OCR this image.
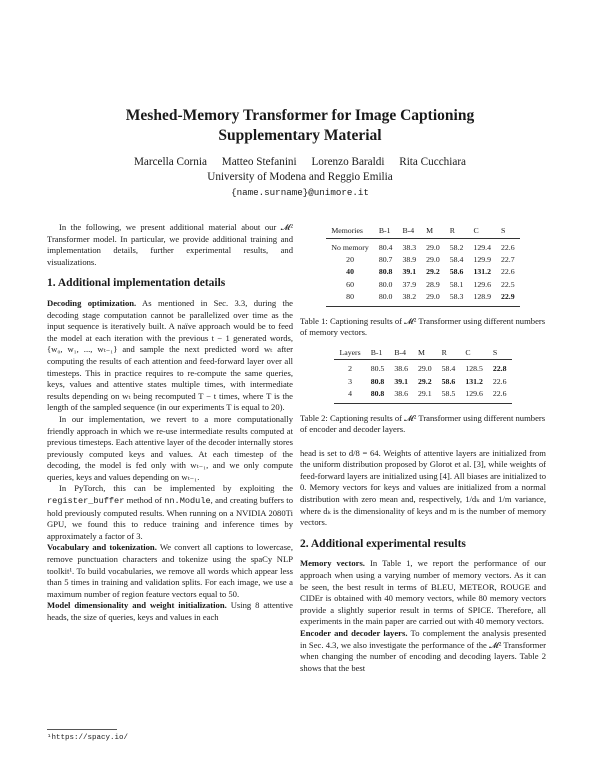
Meshed-Memory Transformer for Image Captioning
Supplementary Material
Marcella Cornia Matteo Stefanini Lorenzo Baraldi Rita Cucchiara
University of Modena and Reggio Emilia
{name.surname}@unimore.it

In the following, we present additional material about our 𝓜² Transformer model. In particular, we provide additional training and implementation details, further experimental results, and visualizations.

1. Additional implementation details

Decoding optimization. As mentioned in Sec. 3.3, during the decoding stage computation cannot be parallelized over time as the input sequence is iteratively built. A naïve approach would be to feed the model at each iteration with the previous t − 1 generated words, {w₀, w₁, ..., wₜ₋₁} and sample the next predicted word wₜ after computing the results of each attention and feed-forward layer over all timesteps. This in practice requires to re-compute the same queries, keys, values and attentive states multiple times, with intermediate results depending on wₜ being recomputed T − t times, where T is the length of the sampled sequence (in our experiments T is equal to 20).

In our implementation, we revert to a more computationally friendly approach in which we re-use intermediate results computed at previous timesteps. Each attentive layer of the decoder internally stores previously computed keys and values. At each timestep of the decoding, the model is fed only with wₜ₋₁, and we only compute queries, keys and values depending on wₜ₋₁.

In PyTorch, this can be implemented by exploiting the register_buffer method of nn.Module, and creating buffers to hold previously computed results. When running on a NVIDIA 2080Ti GPU, we found this to reduce training and inference times by approximately a factor of 3.

Vocabulary and tokenization. We convert all captions to lowercase, remove punctuation characters and tokenize using the spaCy NLP toolkit¹. To build vocabularies, we remove all words which appear less than 5 times in training and validation splits. For each image, we use a maximum number of region feature vectors equal to 50.

Model dimensionality and weight initialization. Using 8 attentive heads, the size of queries, keys and values in each

¹https://spacy.io/
Memories	B-1	B-4	M	R	C	S
No memory	80.4	38.3	29.0	58.2	129.4	22.6
20	80.7	38.9	29.0	58.4	129.9	22.7
40	80.8	39.1	29.2	58.6	131.2	22.6
60	80.0	37.9	28.9	58.1	129.6	22.5
80	80.0	38.2	29.0	58.3	128.9	22.9

Table 1: Captioning results of 𝓜² Transformer using different numbers of memory vectors.

Layers	B-1	B-4	M	R	C	S
2	80.5	38.6	29.0	58.4	128.5	22.8
3	80.8	39.1	29.2	58.6	131.2	22.6
4	80.8	38.6	29.1	58.5	129.6	22.6

Table 2: Captioning results of 𝓜² Transformer using different numbers of encoder and decoder layers.

head is set to d/8 = 64. Weights of attentive layers are initialized from the uniform distribution proposed by Glorot et al. [3], while weights of feed-forward layers are initialized using [4]. All biases are initialized to 0. Memory vectors for keys and values are initialized from a normal distribution with zero mean and, respectively, 1/dₖ and 1/m variance, where dₖ is the dimensionality of keys and m is the number of memory vectors.

2. Additional experimental results

Memory vectors. In Table 1, we report the performance of our approach when using a varying number of memory vectors. As it can be seen, the best result in terms of BLEU, METEOR, ROUGE and CIDEr is obtained with 40 memory vectors, while 80 memory vectors provide a slightly superior result in terms of SPICE. Therefore, all experiments in the main paper are carried out with 40 memory vectors.

Encoder and decoder layers. To complement the analysis presented in Sec. 4.3, we also investigate the performance of the 𝓜² Transformer when changing the number of encoding and decoding layers. Table 2 shows that the best
